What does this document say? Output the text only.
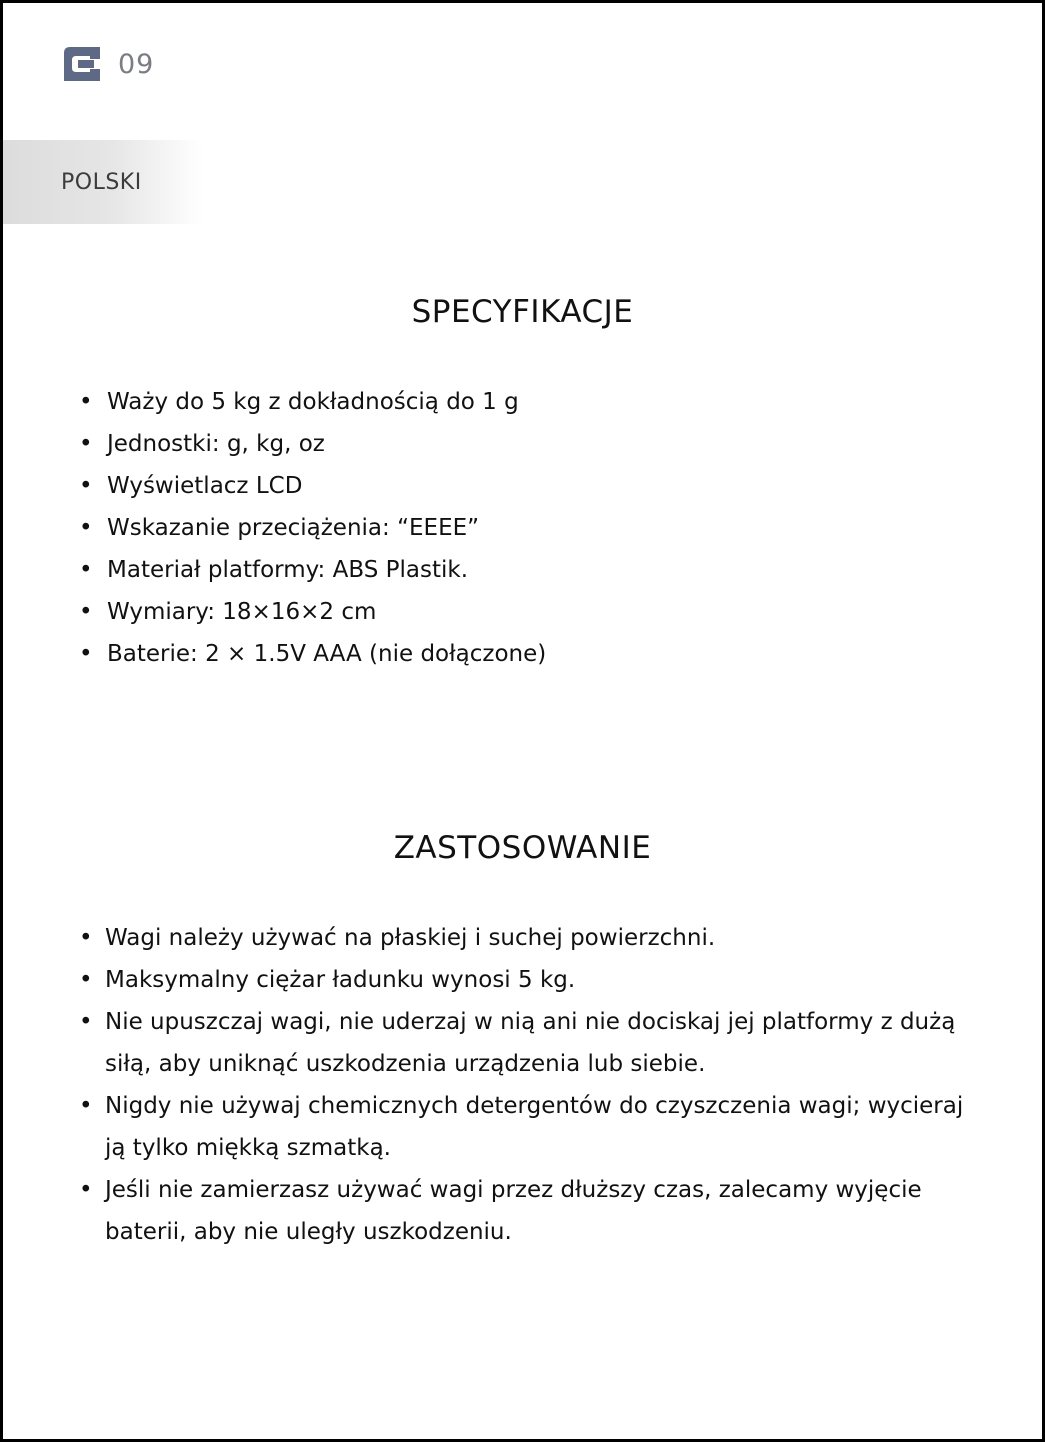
09
POLSKI
SPECYFIKACJE
• Waży do 5 kg z dokładnością do 1 g
• Jednostki: g, kg, oz
• Wyświetlacz LCD
• Wskazanie przeciążenia: “EEEE”
• Materiał platformy: ABS Plastik.
• Wymiary: 18×16×2 cm
• Baterie: 2 × 1.5V AAA (nie dołączone)
ZASTOSOWANIE
• Wagi należy używać na płaskiej i suchej powierzchni.
• Maksymalny ciężar ładunku wynosi 5 kg.
• Nie upuszczaj wagi, nie uderzaj w nią ani nie dociskaj jej platformy z dużą siłą, aby uniknąć uszkodzenia urządzenia lub siebie.
• Nigdy nie używaj chemicznych detergentów do czyszczenia wagi; wycieraj ją tylko miękką szmatką.
• Jeśli nie zamierzasz używać wagi przez dłuższy czas, zalecamy wyjęcie baterii, aby nie uległy uszkodzeniu.
